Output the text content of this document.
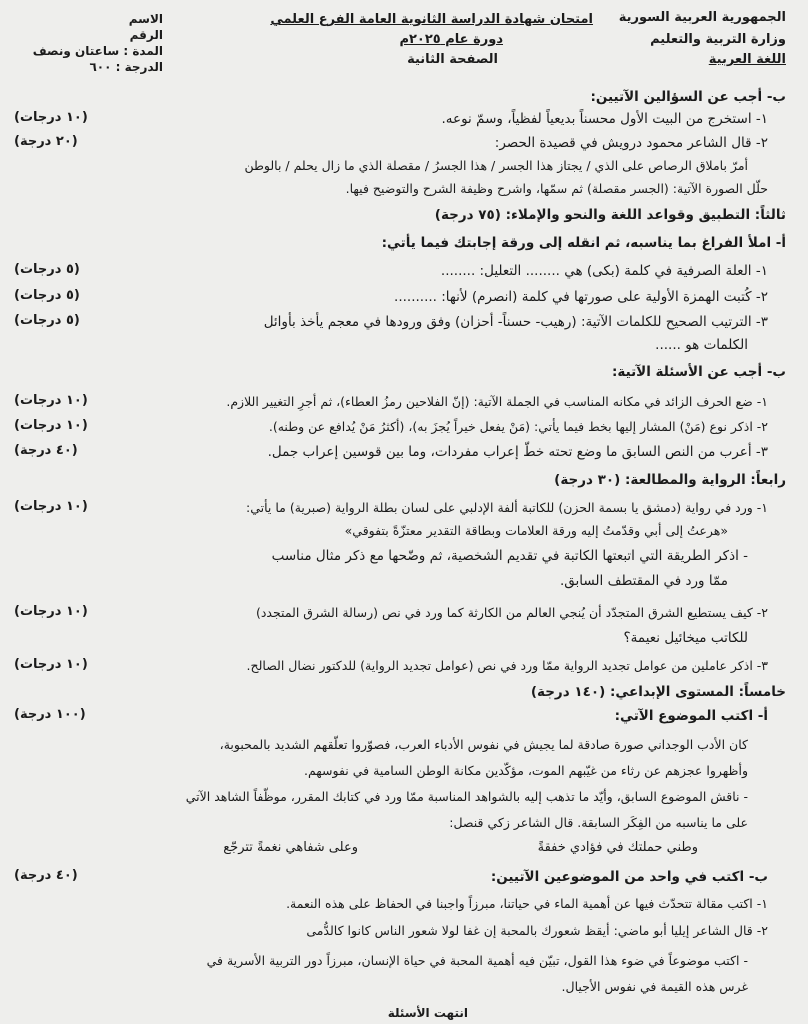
الجمهورية العربية السورية
وزارة التربية والتعليم
اللغة العربية
امتحان شهادة الدراسة الثانوية العامة الفرع العلمي
دورة عام ٢٠٢٥م
الصفحة الثانية
الاسم
الرقم
المدة : ساعتان ونصف
الدرجة : ٦٠٠
ب- أجب عن السؤالين الآتيين:
١- استخرج من البيت الأول محسناً بديعياً لفظياً، وسمّ نوعه.
(١٠ درجات)
٢- قال الشاعر محمود درويش في قصيدة الحصر:
(٢٠ درجة)
أمرّ باملاق الرصاص على الذي / يجتاز هذا الجسر / هذا الجسرُ / مقصلة الذي ما زال يحلم / بالوطن
حلّل الصورة الآتية: (الجسر مقصلة) ثم سمّها، واشرح وظيفة الشرح والتوضيح فيها.
ثالثاً: التطبيق وقواعد اللغة والنحو والإملاء: (٧٥ درجة)
أ- املأ الفراغ بما يناسبه، ثم انقله إلى ورقة إجابتك فيما يأتي:
١- العلة الصرفية في كلمة (بكى) هي ........ التعليل: ........
(٥ درجات)
٢- كُتبت الهمزة الأولية على صورتها في كلمة (انصرم) لأنها: ..........
(٥ درجات)
٣- الترتيب الصحيح للكلمات الآتية: (رهيب- حسناً- أحزان) وفق ورودها في معجم يأخذ بأوائل
(٥ درجات)
الكلمات هو ......
ب- أجب عن الأسئلة الآتية:
١- ضع الحرف الزائد في مكانه المناسب في الجملة الآتية: (إنّ الفلاحين رمزُ العطاء)، ثم أجرِ التغيير اللازم.
(١٠ درجات)
٢- اذكر نوع (مَنْ) المشار إليها بخط فيما يأتي: (مَنْ يفعل خيراً يُجزَ به)، (أكثرُ مَنْ يُدافع عن وطنه).
(١٠ درجات)
٣- أعرب من النص السابق ما وضع تحته خطّ إعراب مفردات، وما بين قوسين إعراب جمل.
(٤٠ درجة)
رابعاً: الرواية والمطالعة: (٣٠ درجة)
١- ورد في رواية (دمشق يا بسمة الحزن) للكاتبة ألفة الإدلبي على لسان بطلة الرواية (صبرية) ما يأتي:
(١٠ درجات)
«هرعتُ إلى أبي وقدّمتُ إليه ورقة العلامات وبطاقة التقدير معتزّةً بتفوقي»
- اذكر الطريقة التي اتبعتها الكاتبة في تقديم الشخصية، ثم وضّحها مع ذكر مثال مناسب
ممّا ورد في المقتطف السابق.
٢- كيف يستطيع الشرق المتجدّد أن يُنجي العالم من الكارثة كما ورد في نص (رسالة الشرق المتجدد)
(١٠ درجات)
للكاتب ميخائيل نعيمة؟
٣- اذكر عاملين من عوامل تجديد الرواية ممّا ورد في نص (عوامل تجديد الرواية) للدكتور نضال الصالح.
(١٠ درجات)
خامساً: المستوى الإبداعي: (١٤٠ درجة)
أ- اكتب الموضوع الآتي:
(١٠٠ درجة)
كان الأدب الوجداني صورة صادقة لما يجيش في نفوس الأدباء العرب، فصوّروا تعلّقهم الشديد بالمحبوبة،
وأظهروا عجزهم عن رثاء من غيّبهم الموت، مؤكّدين مكانة الوطن السامية في نفوسهم.
- ناقش الموضوع السابق، وأيّد ما تذهب إليه بالشواهد المناسبة ممّا ورد في كتابك المقرر، موظّفاً الشاهد الآتي
على ما يناسبه من الفِكَر السابقة. قال الشاعر زكي قنصل:
وطني حملتك في فؤادي خفقةً
وعلى شفاهي نغمةً تترجّع
ب- اكتب في واحد من الموضوعين الآتيين:
(٤٠ درجة)
١- اكتب مقالة تتحدّث فيها عن أهمية الماء في حياتنا، مبرزاً واجبنا في الحفاظ على هذه النعمة.
٢- قال الشاعر إيليا أبو ماضي: أيقظ شعورك بالمحبة إن غفا لولا شعور الناس كانوا كالدُّمى
- اكتب موضوعاً في ضوء هذا القول، تبيّن فيه أهمية المحبة في حياة الإنسان، مبرزاً دور التربية الأسرية في
غرس هذه القيمة في نفوس الأجيال.
انتهت الأسئلة
